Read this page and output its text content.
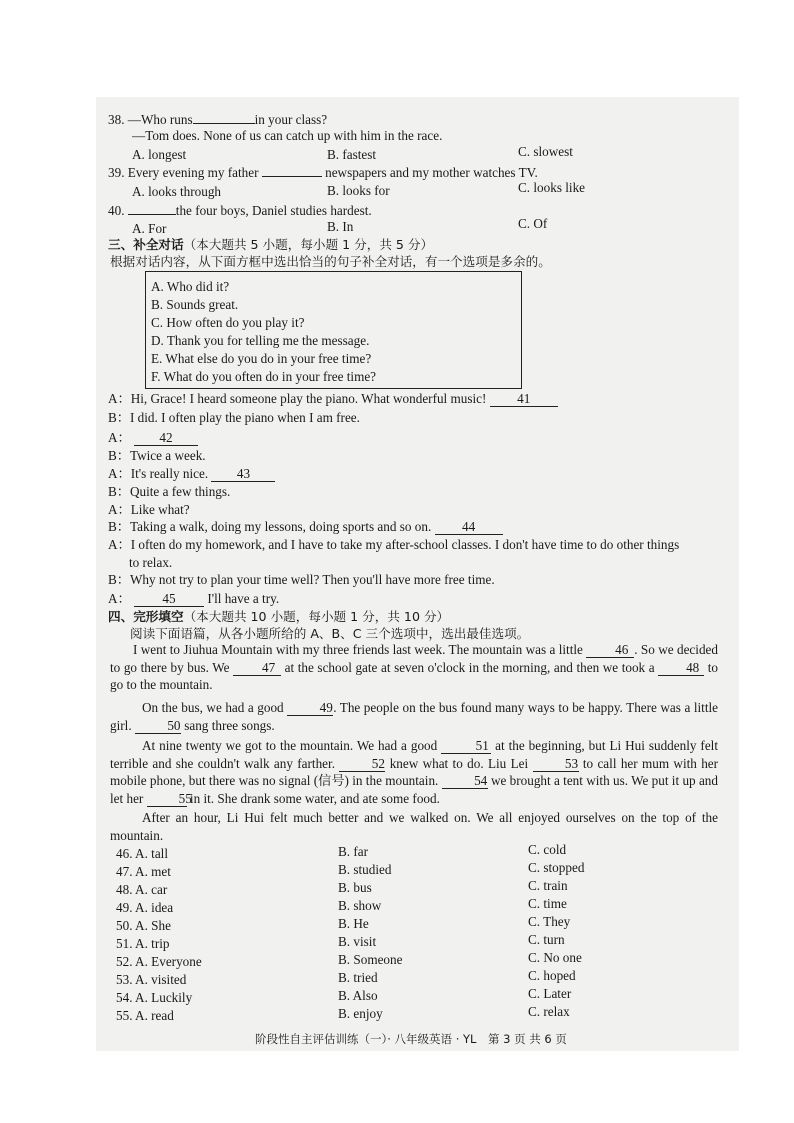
38. —Who runs	in your class?
—Tom does. None of us can catch up with him in the race.
A. longest	B. fastest	C. slowest
39. Every evening my father	newspapers and my mother watches TV.
A. looks through	B. looks for	C. looks like
40.	the four boys, Daniel studies hardest.
A. For	B. In	C. Of
三、补全对话（本大题共 5 小题，每小题 1 分，共 5 分）
根据对话内容，从下面方框中选出恰当的句子补全对话，有一个选项是多余的。
A. Who did it?
B. Sounds great.
C. How often do you play it?
D. Thank you for telling me the message.
E. What else do you do in your free time?
F. What do you often do in your free time?
A：Hi, Grace! I heard someone play the piano. What wonderful music! 41
B：I did. I often play the piano when I am free.
A： 42
B：Twice a week.
A：It's really nice. 43
B：Quite a few things.
A：Like what?
B：Taking a walk, doing my lessons, doing sports and so on. 44
A：I often do my homework, and I have to take my after-school classes. I don't have time to do other things
to relax.
B：Why not try to plan your time well? Then you'll have more free time.
A： 45 I'll have a try.
四、完形填空（本大题共 10 小题，每小题 1 分，共 10 分）
阅读下面语篇，从各小题所给的 A、B、C 三个选项中，选出最佳选项。
I went to Jiuhua Mountain with my three friends last week. The mountain was a little 46 . So we decided to go there by bus. We 47 at the school gate at seven o'clock in the morning, and then we took a 48 to go to the mountain.
On the bus, we had a good	49. The people on the bus found many ways to be happy. There was a little girl.	50 sang three songs.
At nine twenty we got to the mountain. We had a good	51 at the beginning, but Li Hui suddenly felt terrible and she couldn't walk any farther.	52 knew what to do. Liu Lei	53 to call her mum with her mobile phone, but there was no signal (信号) in the mountain.	54 we brought a tent with us. We put it up and let her	55 in it. She drank some water, and ate some food.
After an hour, Li Hui felt much better and we walked on. We all enjoyed ourselves on the top of the mountain.
46. A. tall	B. far	C. cold
47. A. met	B. studied	C. stopped
48. A. car	B. bus	C. train
49. A. idea	B. show	C. time
50. A. She	B. He	C. They
51. A. trip	B. visit	C. turn
52. A. Everyone	B. Someone	C. No one
53. A. visited	B. tried	C. hoped
54. A. Luckily	B. Also	C. Later
55. A. read	B. enjoy	C. relax
阶段性自主评估训练（一）· 八年级英语 · YL　第 3 页 共 6 页
